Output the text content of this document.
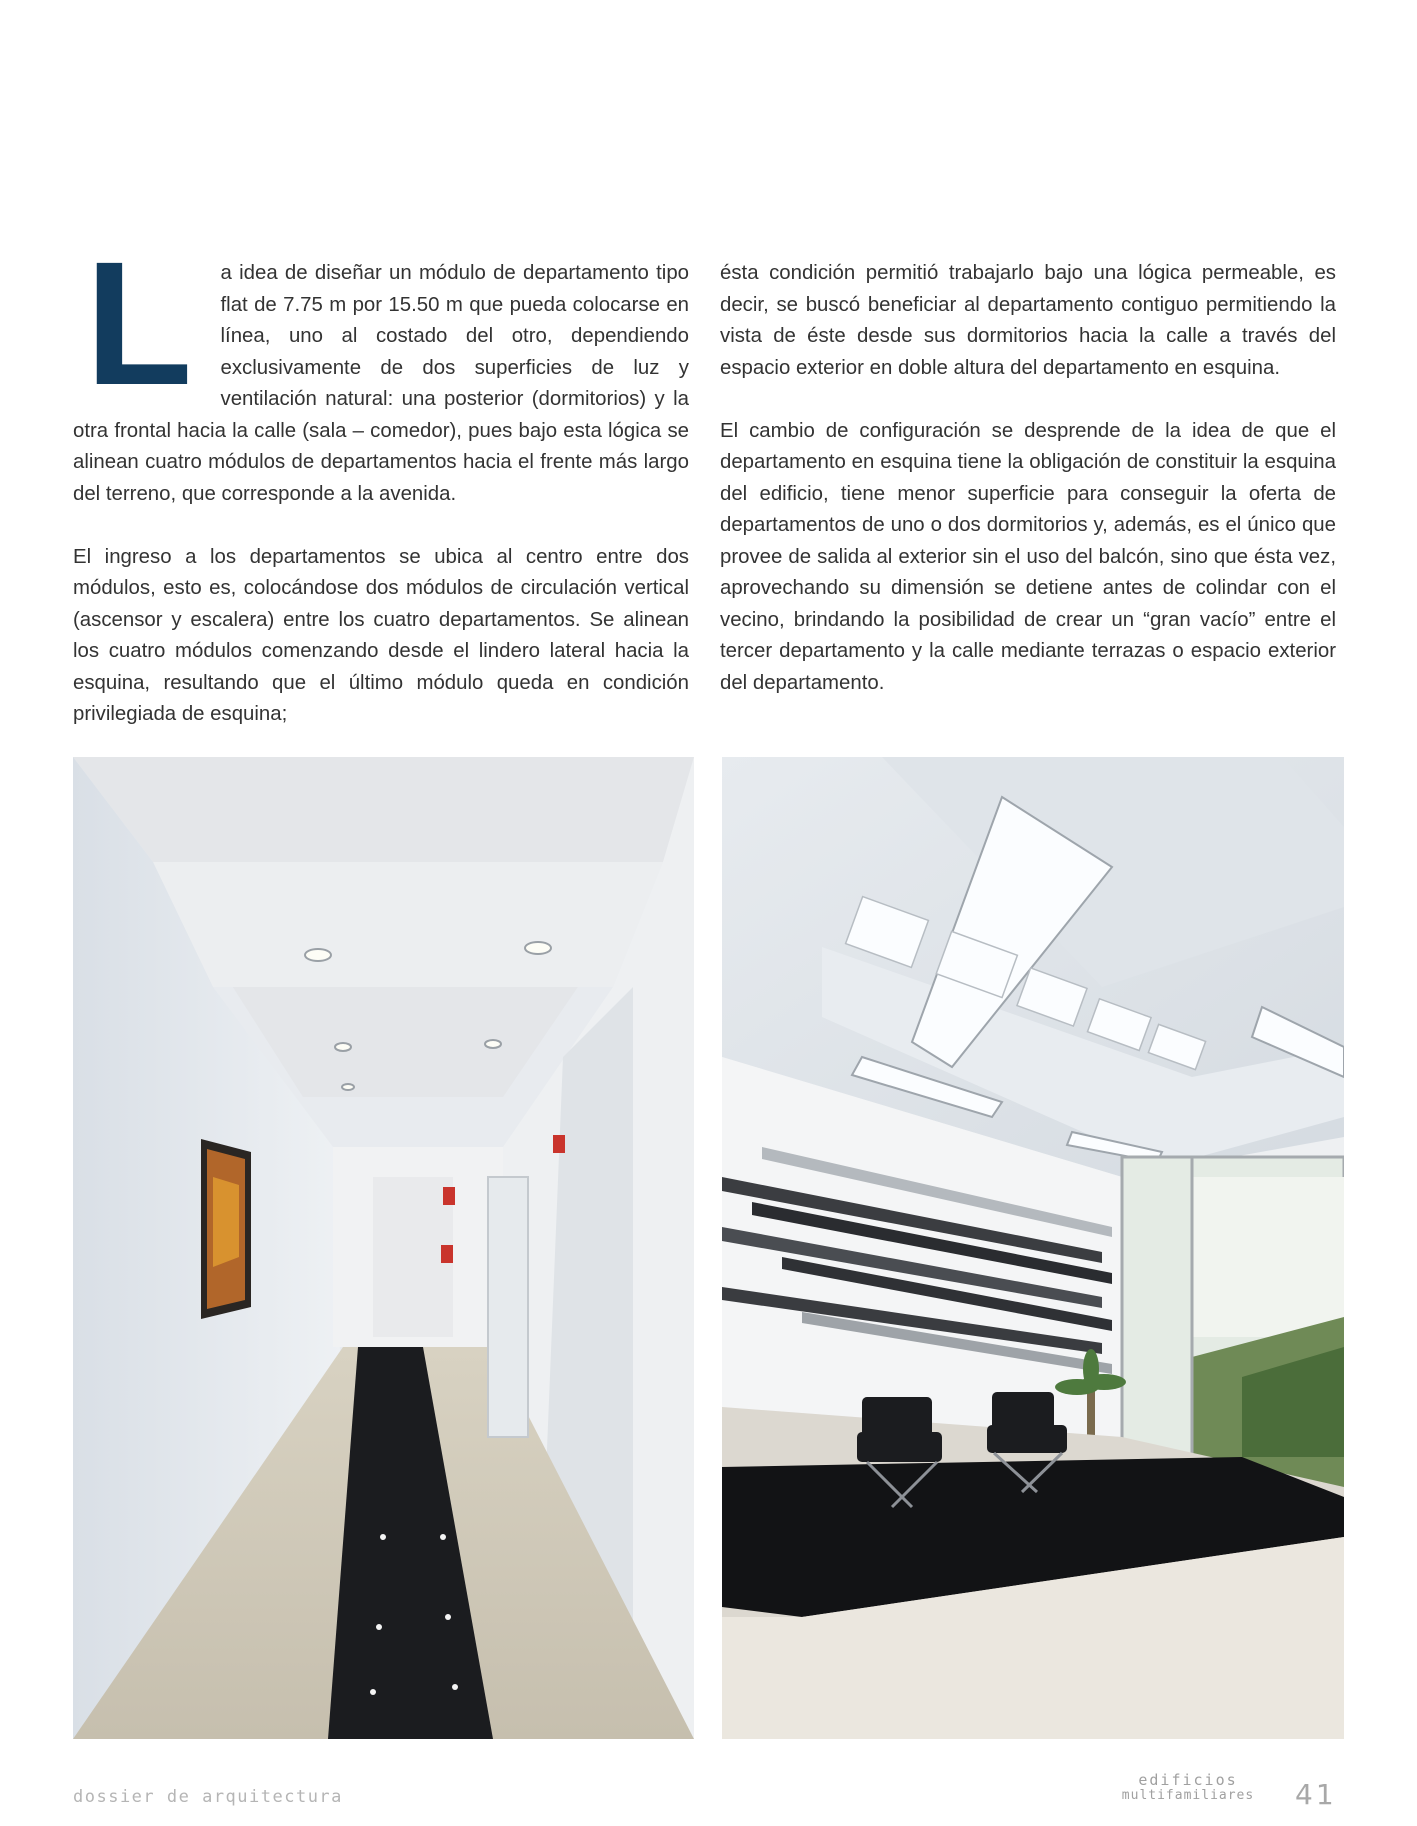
L a idea de diseñar un módulo de departamento tipo flat de 7.75 m por 15.50 m que pueda colocarse en línea, uno al costado del otro, dependiendo exclusivamente de dos superficies de luz y ventilación natural: una posterior (dormitorios) y la otra frontal hacia la calle (sala – comedor), pues bajo esta lógica se alinean cuatro módulos de departamentos hacia el frente más largo del terreno, que corresponde a la avenida.

El ingreso a los departamentos se ubica al centro entre dos módulos, esto es, colocándose dos módulos de circulación vertical (ascensor y escalera) entre los cuatro departamentos. Se alinean los cuatro módulos comenzando desde el lindero lateral hacia la esquina, resultando que el último módulo queda en condición privilegiada de esquina;

ésta condición permitió trabajarlo bajo una lógica permeable, es decir, se buscó beneficiar al departamento contiguo permitiendo la vista de éste desde sus dormitorios hacia la calle a través del espacio exterior en doble altura del departamento en esquina.

El cambio de configuración se desprende de la idea de que el departamento en esquina tiene la obligación de constituir la esquina del edificio, tiene menor superficie para conseguir la oferta de departamentos de uno o dos dormitorios y, además, es el único que provee de salida al exterior sin el uso del balcón, sino que ésta vez, aprovechando su dimensión se detiene antes de colindar con el vecino, brindando la posibilidad de crear un “gran vacío” entre el tercer departamento y la calle mediante terrazas o espacio exterior del departamento.

dossier de arquitectura
edificios
multifamiliares 41
